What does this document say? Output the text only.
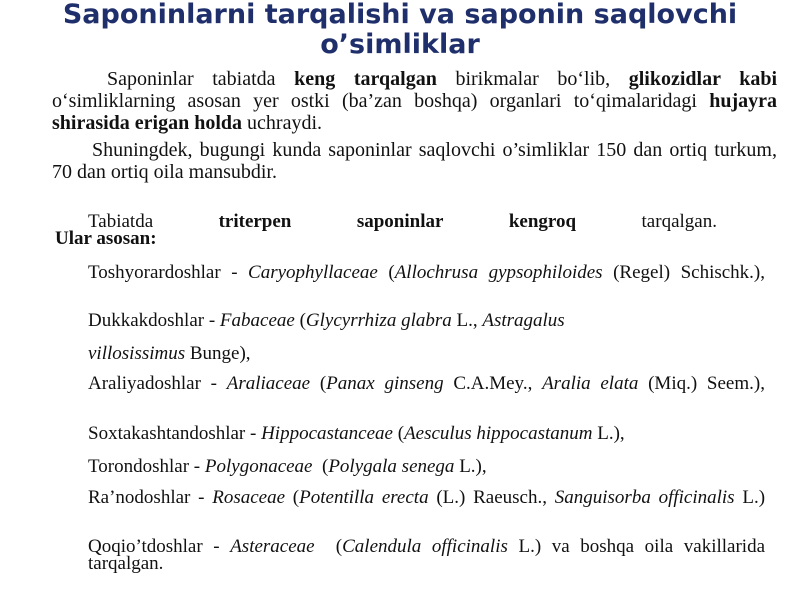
Saponinlarni tarqalishi va saponin saqlovchi
o’simliklar
Saponinlar tabiatda keng tarqalgan birikmalar bo‘lib, glikozidlar kabi o‘simliklarning asosan yer ostki (ba’zan boshqa) organlari to‘qimalaridagi hujayra shirasida erigan holda uchraydi.
Shuningdek, bugungi kunda saponinlar saqlovchi o’simliklar 150 dan ortiq turkum, 70 dan ortiq oila mansubdir.
Tabiatda	triterpen	saponinlar	kengroq	tarqalgan.
Ular asosan:
Toshyorardoshlar - Caryophyllaceae (Allochrusa gypsophiloides (Regel) Schischk.),
Dukkakdoshlar - Fabaceae (Glycyrrhiza glabra L., Astragalus
villosissimus Bunge),
Araliyadoshlar - Araliaceae (Panax ginseng C.A.Mey., Aralia elata (Miq.) Seem.),
Soxtakashtandoshlar - Hippocastanceae (Aesculus hippocastanum L.),
Torondoshlar - Polygonaceae  (Polygala senega L.),
Ra’nodoshlar - Rosaceae (Potentilla erecta (L.) Raeusch., Sanguisorba officinalis L.)
Qoqio’tdoshlar - Asteraceae  (Calendula officinalis L.) va boshqa oila vakillarida tarqalgan.
